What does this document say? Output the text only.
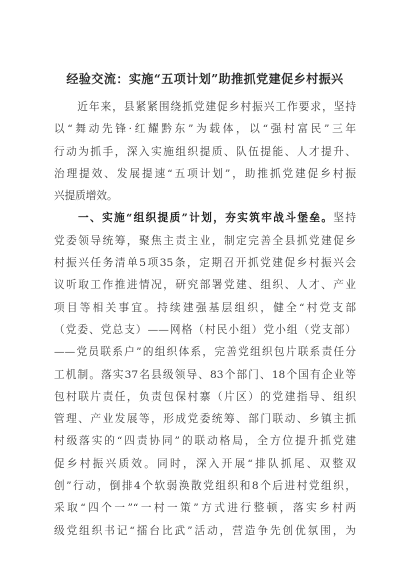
经验交流：实施“五项计划”助推抓党建促乡村振兴
　　近年来，县紧紧围绕抓党建促乡村振兴工作要求，坚持
以“舞动先锋·红耀黔东”为载体，以“强村富民”三年
行动为抓手，深入实施组织提质、队伍提能、人才提升、
治理提效、发展提速“五项计划”，助推抓党建促乡村振
兴提质增效。
　　一、实施“组织提质”计划，夯实筑牢战斗堡垒。坚持
党委领导统筹，聚焦主责主业，制定完善全县抓党建促乡
村振兴任务清单5项35条，定期召开抓党建促乡村振兴会
议听取工作推进情况，研究部署党建、组织、人才、产业
项目等相关事宜。持续建强基层组织，健全“村党支部
（党委、党总支）——网格（村民小组）党小组（党支部）
——党员联系户”的组织体系，完善党组织包片联系责任分
工机制。落实37名县级领导、83个部门、18个国有企业等
包村联片责任，负责包保村寨（片区）的党建指导、组织
管理、产业发展等，形成党委统筹、部门联动、乡镇主抓
村级落实的“四责协同”的联动格局，全方位提升抓党建
促乡村振兴质效。同时，深入开展“排队抓尾、双整双
创”行动，倒排4个软弱涣散党组织和8个后进村党组织，
采取“四个一”“一村一策”方式进行整顿，落实乡村两
级党组织书记“擂台比武”活动，营造争先创优氛围，为
